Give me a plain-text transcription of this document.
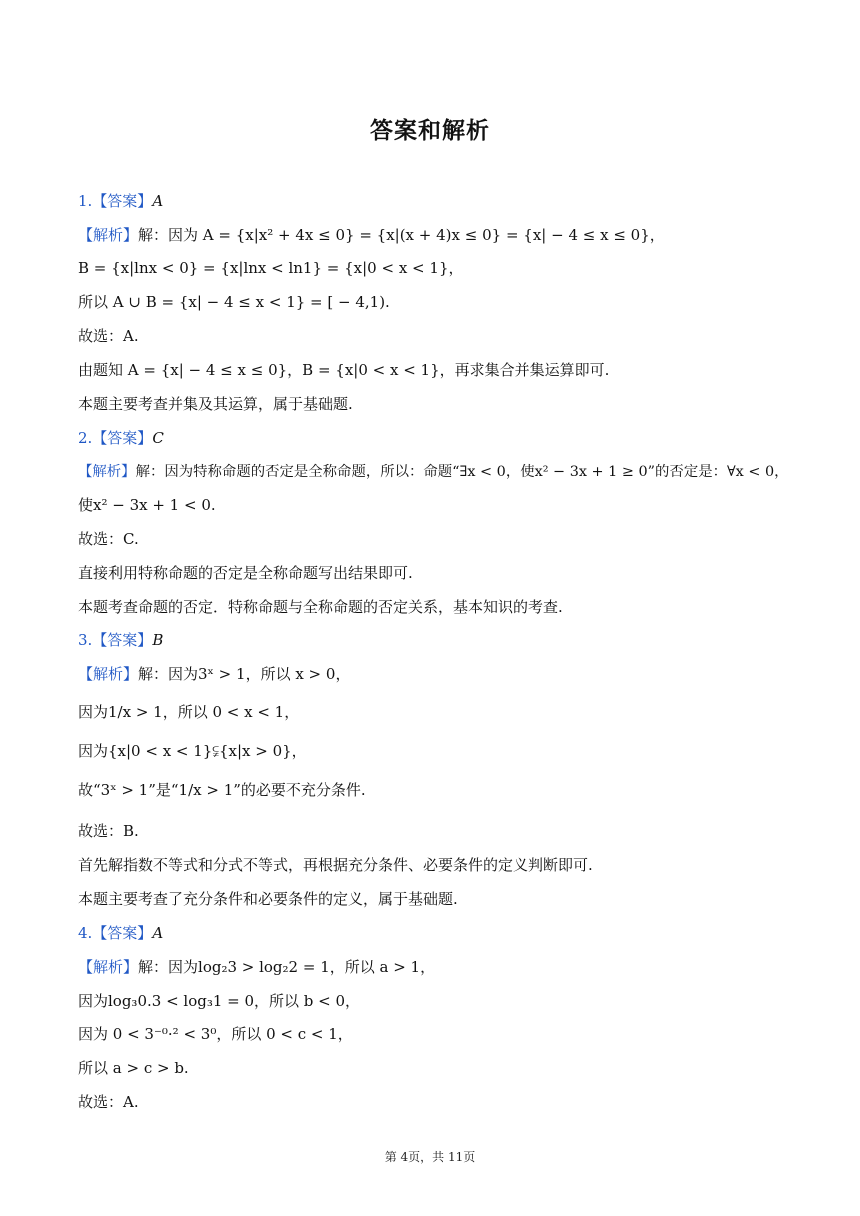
答案和解析
1.【答案】A
【解析】解：因为 A = {x|x² + 4x ≤ 0} = {x|(x + 4)x ≤ 0} = {x| − 4 ≤ x ≤ 0}，
B = {x|lnx < 0} = {x|lnx < ln1} = {x|0 < x < 1}，
所以 A ∪ B = {x| − 4 ≤ x < 1} = [ − 4,1).
故选：A.
由题知 A = {x| − 4 ≤ x ≤ 0}，B = {x|0 < x < 1}，再求集合并集运算即可.
本题主要考查并集及其运算，属于基础题.
2.【答案】C
【解析】解：因为特称命题的否定是全称命题，所以：命题“∃x < 0，使x² − 3x + 1 ≥ 0”的否定是：∀x < 0，
使x² − 3x + 1 < 0.
故选：C.
直接利用特称命题的否定是全称命题写出结果即可.
本题考查命题的否定．特称命题与全称命题的否定关系，基本知识的考查.
3.【答案】B
【解析】解：因为3ˣ > 1，所以 x > 0，
因为1/x > 1，所以 0 < x < 1，
因为{x|0 < x < 1}⫋{x|x > 0}，
故“3ˣ > 1”是“1/x > 1”的必要不充分条件.
故选：B.
首先解指数不等式和分式不等式，再根据充分条件、必要条件的定义判断即可.
本题主要考查了充分条件和必要条件的定义，属于基础题.
4.【答案】A
【解析】解：因为log₂3 > log₂2 = 1，所以 a > 1，
因为log₃0.3 < log₃1 = 0，所以 b < 0，
因为 0 < 3⁻⁰·² < 3⁰，所以 0 < c < 1，
所以 a > c > b.
故选：A.
第 4页，共 11页
